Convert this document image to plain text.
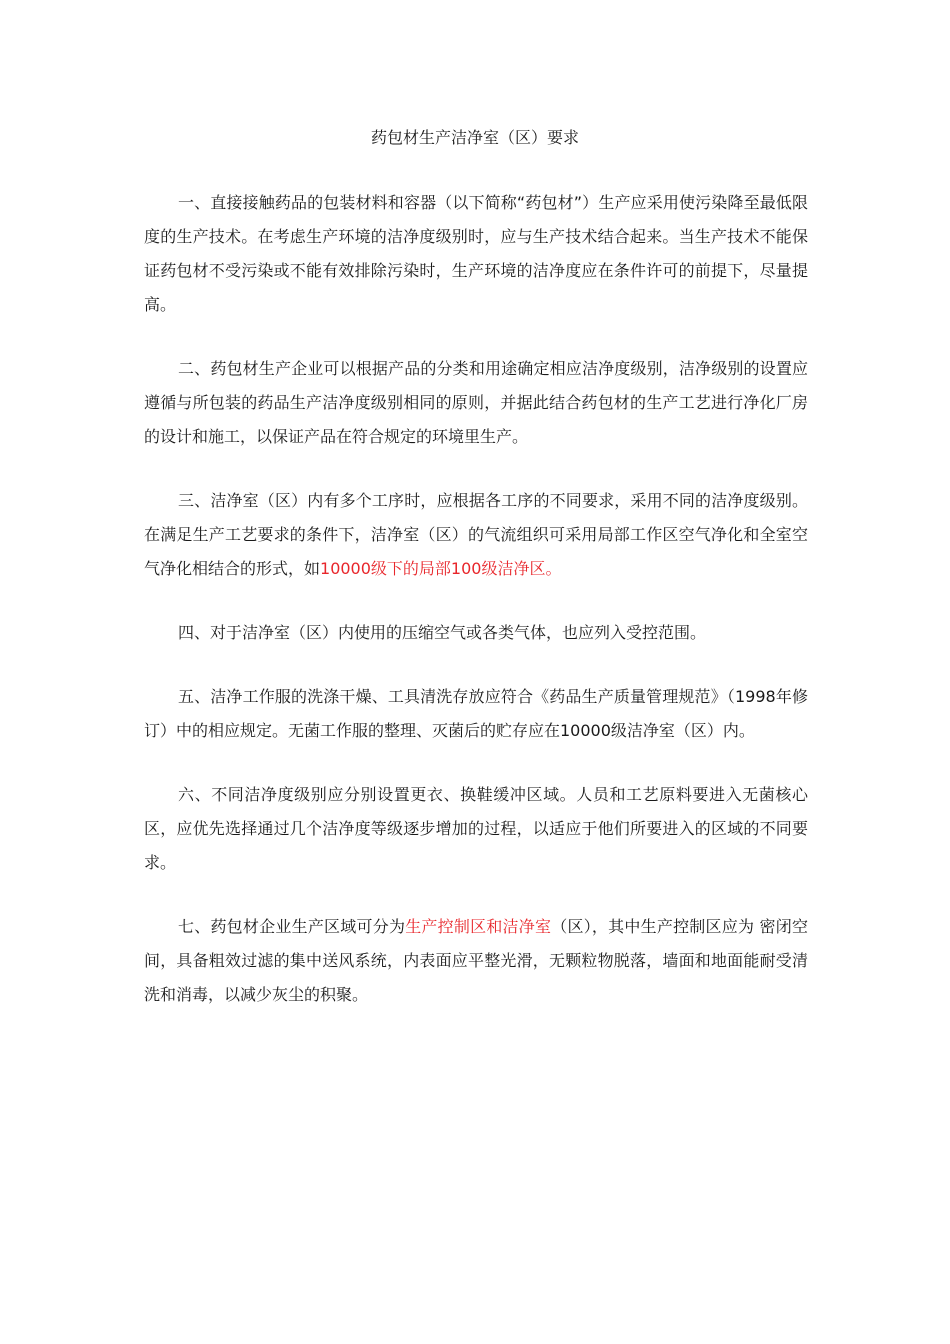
药包材生产洁净室（区）要求

一、直接接触药品的包装材料和容器（以下简称“药包材”）生产应采用使污染降至最低限度的生产技术。在考虑生产环境的洁净度级别时，应与生产技术结合起来。当生产技术不能保证药包材不受污染或不能有效排除污染时，生产环境的洁净度应在条件许可的前提下，尽量提高。

二、药包材生产企业可以根据产品的分类和用途确定相应洁净度级别，洁净级别的设置应遵循与所包装的药品生产洁净度级别相同的原则，并据此结合药包材的生产工艺进行净化厂房的设计和施工，以保证产品在符合规定的环境里生产。

三、洁净室（区）内有多个工序时，应根据各工序的不同要求，采用不同的洁净度级别。在满足生产工艺要求的条件下，洁净室（区）的气流组织可采用局部工作区空气净化和全室空气净化相结合的形式，如10000级下的局部100级洁净区。

四、对于洁净室（区）内使用的压缩空气或各类气体，也应列入受控范围。

五、洁净工作服的洗涤干燥、工具清洗存放应符合《药品生产质量管理规范》（1998年修订）中的相应规定。无菌工作服的整理、灭菌后的贮存应在10000级洁净室（区）内。

六、不同洁净度级别应分别设置更衣、换鞋缓冲区域。人员和工艺原料要进入无菌核心区，应优先选择通过几个洁净度等级逐步增加的过程，以适应于他们所要进入的区域的不同要求。

七、药包材企业生产区域可分为生产控制区和洁净室（区），其中生产控制区应为 密闭空间，具备粗效过滤的集中送风系统，内表面应平整光滑，无颗粒物脱落，墙面和地面能耐受清洗和消毒，以减少灰尘的积聚。
